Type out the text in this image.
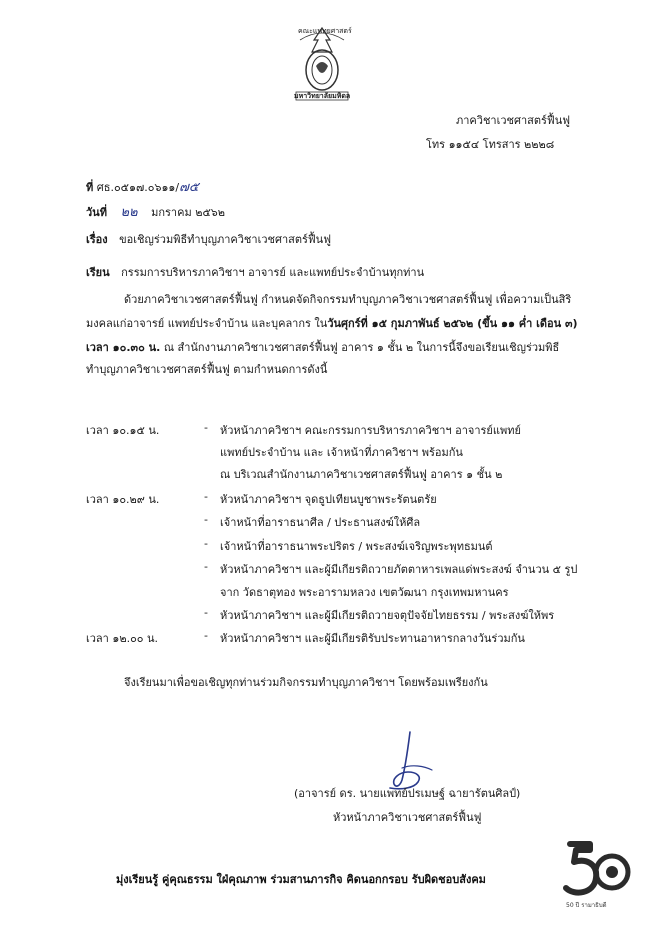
คณะแพทยศาสตร์
มหาวิทยาลัยมหิดล
ภาควิชาเวชศาสตร์ฟื้นฟู
โทร ๑๑๕๔ โทรสาร ๒๒๒๘
ที่ ศธ.๐๕๑๗.๐๖๑๑/๗๕
วันที่ ๒๒ มกราคม ๒๕๖๒
เรื่อง ขอเชิญร่วมพิธีทำบุญภาควิชาเวชศาสตร์ฟื้นฟู
เรียน กรรมการบริหารภาควิชาฯ อาจารย์ และแพทย์ประจำบ้านทุกท่าน
ด้วยภาควิชาเวชศาสตร์ฟื้นฟู กำหนดจัดกิจกรรมทำบุญภาควิชาเวชศาสตร์ฟื้นฟู เพื่อความเป็นสิริ
มงคลแก่อาจารย์ แพทย์ประจำบ้าน และบุคลากร ในวันศุกร์ที่ ๑๕ กุมภาพันธ์ ๒๕๖๒ (ขึ้น ๑๑ ค่ำ เดือน ๓)
เวลา ๑๐.๓๐ น. ณ สำนักงานภาควิชาเวชศาสตร์ฟื้นฟู อาคาร ๑ ชั้น ๒ ในการนี้จึงขอเรียนเชิญร่วมพิธี
ทำบุญภาควิชาเวชศาสตร์ฟื้นฟู ตามกำหนดการดังนี้
เวลา ๑๐.๑๕ น.	- หัวหน้าภาควิชาฯ คณะกรรมการบริหารภาควิชาฯ อาจารย์แพทย์
แพทย์ประจำบ้าน และ เจ้าหน้าที่ภาควิชาฯ พร้อมกัน
ณ บริเวณสำนักงานภาควิชาเวชศาสตร์ฟื้นฟู อาคาร ๑ ชั้น ๒
เวลา ๑๐.๒๙ น.	- หัวหน้าภาควิชาฯ จุดธูปเทียนบูชาพระรัตนตรัย
- เจ้าหน้าที่อาราธนาศีล / ประธานสงฆ์ให้ศีล
- เจ้าหน้าที่อาราธนาพระปริตร / พระสงฆ์เจริญพระพุทธมนต์
- หัวหน้าภาควิชาฯ และผู้มีเกียรติถวายภัตตาหารเพลแด่พระสงฆ์ จำนวน ๕ รูป
จาก วัดธาตุทอง พระอารามหลวง เขตวัฒนา กรุงเทพมหานคร
- หัวหน้าภาควิชาฯ และผู้มีเกียรติถวายจตุปัจจัยไทยธรรม / พระสงฆ์ให้พร
เวลา ๑๒.๐๐ น.	- หัวหน้าภาควิชาฯ และผู้มีเกียรติรับประทานอาหารกลางวันร่วมกัน
จึงเรียนมาเพื่อขอเชิญทุกท่านร่วมกิจกรรมทำบุญภาควิชาฯ โดยพร้อมเพรียงกัน
(อาจารย์ ดร. นายแพทย์ปรเมษฐ์ ฉายารัตนศิลป์)
หัวหน้าภาควิชาเวชศาสตร์ฟื้นฟู
มุ่งเรียนรู้ คู่คุณธรรม ใฝ่คุณภาพ ร่วมสานภารกิจ คิดนอกกรอบ รับผิดชอบสังคม
50 ปี รามาธิบดี
